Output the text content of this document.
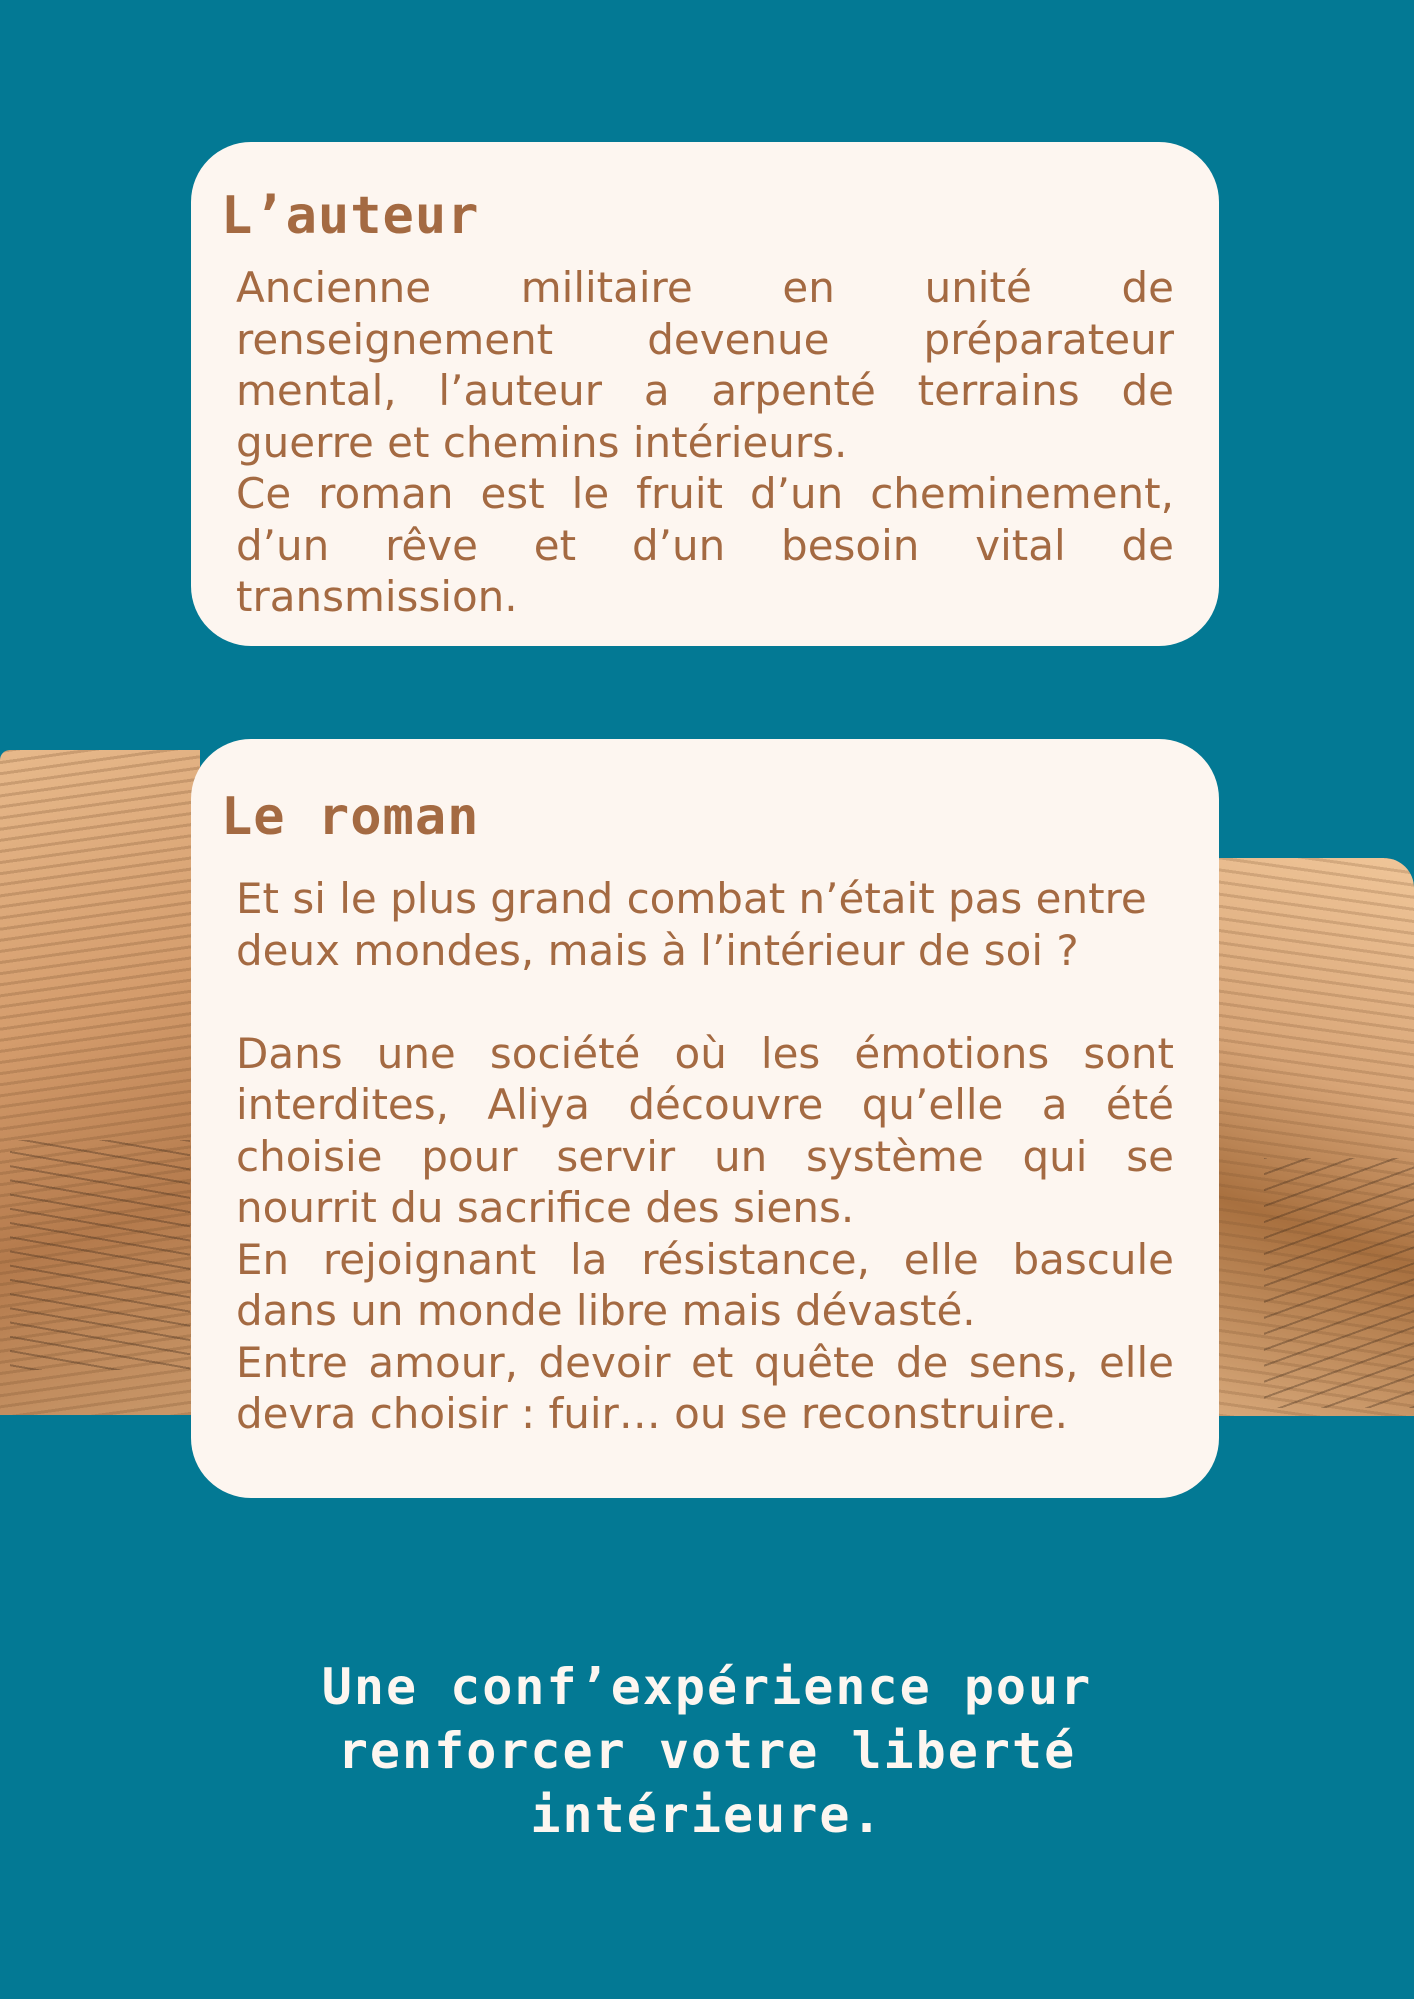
L’auteur

Ancienne militaire en unité de renseignement devenue préparateur mental, l’auteur a arpenté terrains de guerre et chemins intérieurs.

Ce roman est le fruit d’un cheminement, d’un rêve et d’un besoin vital de transmission.

Le roman

Et si le plus grand combat n’était pas entre deux mondes, mais à l’intérieur de soi ?

Dans une société où les émotions sont interdites, Aliya découvre qu’elle a été choisie pour servir un système qui se nourrit du sacrifice des siens.

En rejoignant la résistance, elle bascule dans un monde libre mais dévasté.

Entre amour, devoir et quête de sens, elle devra choisir : fuir… ou se reconstruire.

Une conf’expérience pour
renforcer votre liberté
intérieure.
